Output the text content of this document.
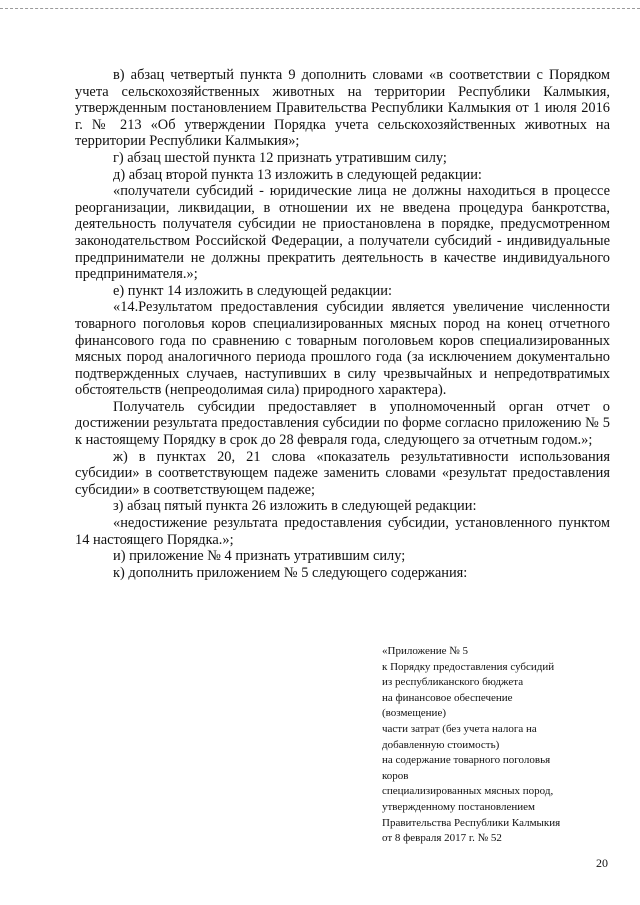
в) абзац четвертый пункта 9 дополнить словами «в соответствии с Порядком учета сельскохозяйственных животных на территории Республики Калмыкия, утвержденным постановлением Правительства Республики Калмыкия от 1 июля 2016 г. № 213 «Об утверждении Порядка учета сельскохозяйственных животных на территории Республики Калмыкия»;

г) абзац шестой пункта 12 признать утратившим силу;

д) абзац второй пункта 13 изложить в следующей редакции:

«получатели субсидий - юридические лица не должны находиться в процессе реорганизации, ликвидации, в отношении их не введена процедура банкротства, деятельность получателя субсидии не приостановлена в порядке, предусмотренном законодательством Российской Федерации, а получатели субсидий - индивидуальные предприниматели не должны прекратить деятельность в качестве индивидуального предпринимателя.»;

е) пункт 14 изложить в следующей редакции:

«14.Результатом предоставления субсидии является увеличение численности товарного поголовья коров специализированных мясных пород на конец отчетного финансового года по сравнению с товарным поголовьем коров специализированных мясных пород аналогичного периода прошлого года (за исключением документально подтвержденных случаев, наступивших в силу чрезвычайных и непредотвратимых обстоятельств (непреодолимая сила) природного характера).

Получатель субсидии предоставляет в уполномоченный орган отчет о достижении результата предоставления субсидии по форме согласно приложению № 5 к настоящему Порядку в срок до 28 февраля года, следующего за отчетным годом.»;

ж) в пунктах 20, 21 слова «показатель результативности использования субсидии» в соответствующем падеже заменить словами «результат предоставления субсидии» в соответствующем падеже;

з) абзац пятый пункта 26 изложить в следующей редакции:

«недостижение результата предоставления субсидии, установленного пунктом 14 настоящего Порядка.»;

и) приложение № 4 признать утратившим силу;

к) дополнить приложением № 5 следующего содержания:

«Приложение № 5
к Порядку предоставления субсидий
из республиканского бюджета
на финансовое обеспечение
(возмещение)
части затрат (без учета налога на
добавленную стоимость)
на содержание товарного поголовья
коров
специализированных мясных пород,
утвержденному постановлением
Правительства Республики Калмыкия
от 8 февраля 2017 г. № 52
20
